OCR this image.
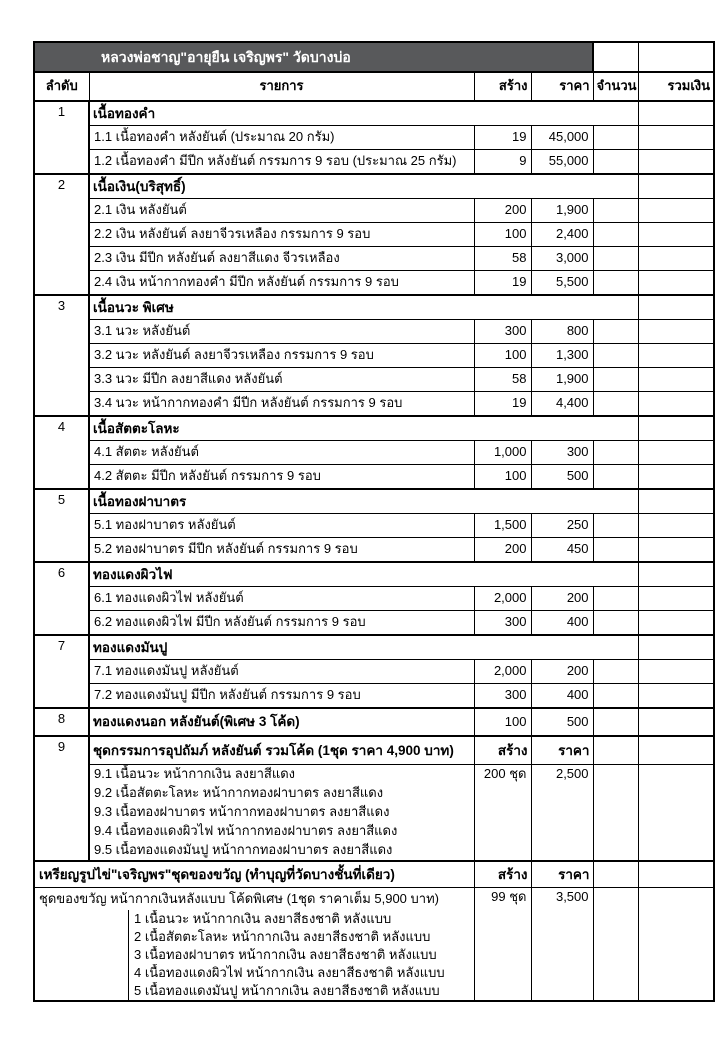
หลวงพ่อชาญ"อายุยืน เจริญพร" วัดบางบ่อ					
ลำดับ	รายการ	สร้าง	ราคา	จำนวน	รวมเงิน
1	เนื้อทองคำ				
	1.1 เนื้อทองคำ หลังยันต์ (ประมาณ 20 กรัม)	19	45,000		
	1.2 เนื้อทองคำ มีปีก หลังยันต์ กรรมการ 9 รอบ (ประมาณ 25 กรัม)	9	55,000		
2	เนื้อเงิน(บริสุทธิ์)				
	2.1 เงิน หลังยันต์	200	1,900		
	2.2 เงิน หลังยันต์ ลงยาจีวรเหลือง กรรมการ 9 รอบ	100	2,400		
	2.3 เงิน มีปีก หลังยันต์ ลงยาสีแดง จีวรเหลือง	58	3,000		
	2.4 เงิน หน้ากากทองคำ มีปีก หลังยันต์ กรรมการ 9 รอบ	19	5,500		
3	เนื้อนวะ พิเศษ				
	3.1 นวะ หลังยันต์	300	800		
	3.2 นวะ หลังยันต์ ลงยาจีวรเหลือง กรรมการ 9 รอบ	100	1,300		
	3.3 นวะ มีปีก ลงยาสีแดง หลังยันต์	58	1,900		
	3.4 นวะ หน้ากากทองคำ มีปีก หลังยันต์ กรรมการ 9 รอบ	19	4,400		
4	เนื้อสัตตะโลหะ				
	4.1 สัตตะ หลังยันต์	1,000	300		
	4.2 สัตตะ มีปีก หลังยันต์ กรรมการ 9 รอบ	100	500		
5	เนื้อทองฝาบาตร				
	5.1 ทองฝาบาตร หลังยันต์	1,500	250		
	5.2 ทองฝาบาตร มีปีก หลังยันต์ กรรมการ 9 รอบ	200	450		
6	ทองแดงผิวไฟ				
	6.1 ทองแดงผิวไฟ หลังยันต์	2,000	200		
	6.2 ทองแดงผิวไฟ มีปีก หลังยันต์ กรรมการ 9 รอบ	300	400		
7	ทองแดงมันปู				
	7.1 ทองแดงมันปู หลังยันต์	2,000	200		
	7.2 ทองแดงมันปู มีปีก หลังยันต์ กรรมการ 9 รอบ	300	400		
8	ทองแดงนอก หลังยันต์(พิเศษ 3 โค้ด)	100	500		
9	ชุดกรรมการอุปถัมภ์ หลังยันต์ รวมโค้ด (1ชุด ราคา 4,900 บาท)	สร้าง	ราคา		
	9.1 เนื้อนวะ หน้ากากเงิน ลงยาสีแดง	200 ชุด	2,500		
	9.2 เนื้อสัตตะโลหะ หน้ากากทองฝาบาตร ลงยาสีแดง				
	9.3 เนื้อทองฝาบาตร หน้ากากทองฝาบาตร ลงยาสีแดง				
	9.4 เนื้อทองแดงผิวไฟ หน้ากากทองฝาบาตร ลงยาสีแดง				
	9.5 เนื้อทองแดงมันปู หน้ากากทองฝาบาตร ลงยาสีแดง				
เหรียญรูปไข่"เจริญพร"ชุดของขวัญ (ทำบุญที่วัดบางชั้นที่เดียว)		สร้าง	ราคา		
ชุดของขวัญ หน้ากากเงินหลังแบบ โค้ดพิเศษ (1ชุด ราคาเต็ม 5,900 บาท)		99 ชุด	3,500		

1 เนื้อนวะ หน้ากากเงิน ลงยาสีธงชาติ หลังแบบ					

2 เนื้อสัตตะโลหะ หน้ากากเงิน ลงยาสีธงชาติ หลังแบบ					

3 เนื้อทองฝาบาตร หน้ากากเงิน ลงยาสีธงชาติ หลังแบบ					

4 เนื้อทองแดงผิวไฟ หน้ากากเงิน ลงยาสีธงชาติ หลังแบบ					

5 เนื้อทองแดงมันปู หน้ากากเงิน ลงยาสีธงชาติ หลังแบบ					
